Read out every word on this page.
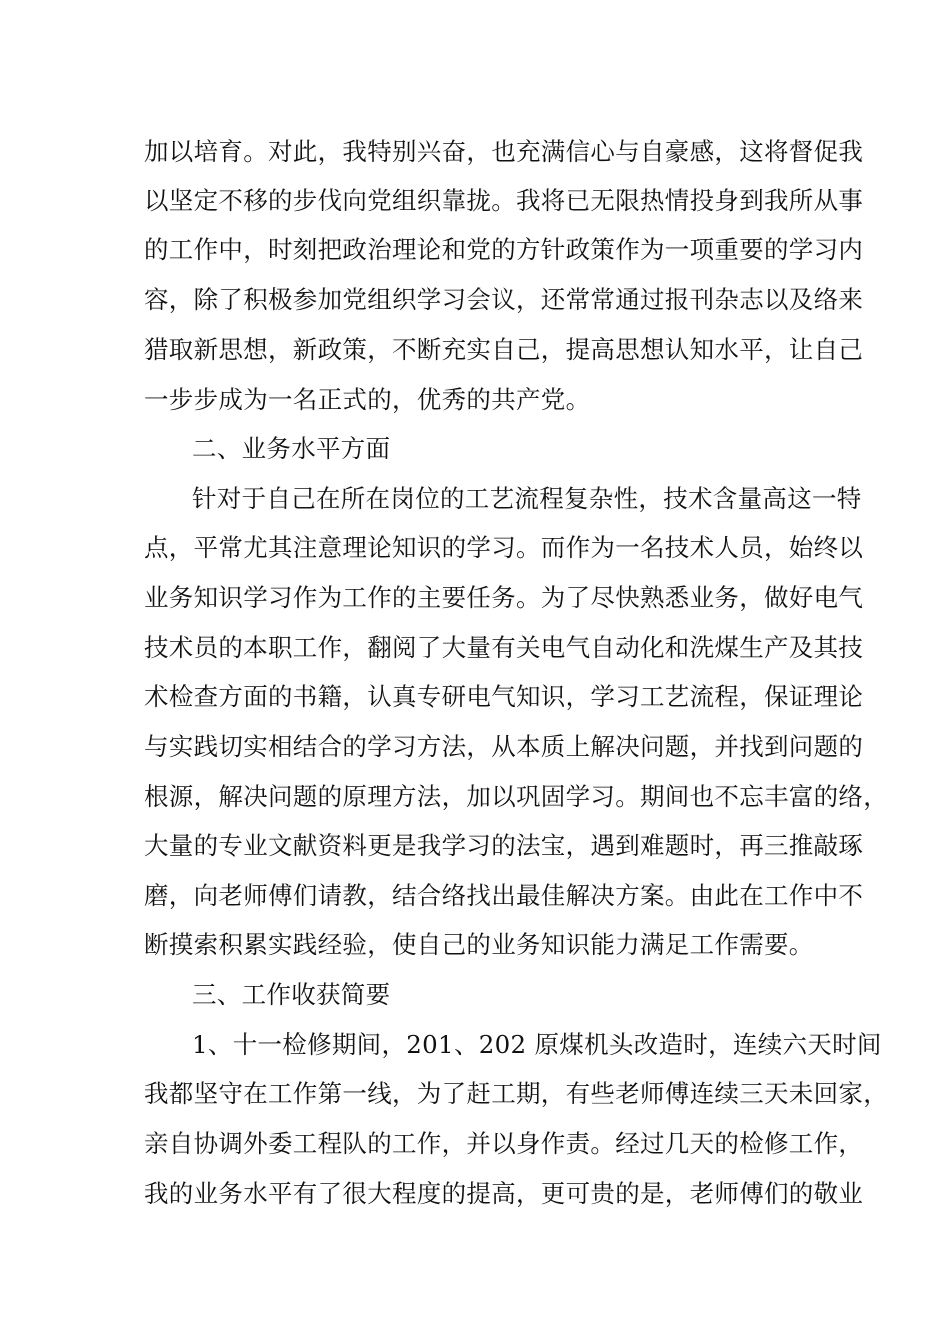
加以培育。对此，我特别兴奋，也充满信心与自豪感，这将督促我
以坚定不移的步伐向党组织靠拢。我将已无限热情投身到我所从事
的工作中，时刻把政治理论和党的方针政策作为一项重要的学习内
容，除了积极参加党组织学习会议，还常常通过报刊杂志以及络来
猎取新思想，新政策，不断充实自己，提高思想认知水平，让自己
一步步成为一名正式的，优秀的共产党。
二、业务水平方面
针对于自己在所在岗位的工艺流程复杂性，技术含量高这一特
点，平常尤其注意理论知识的学习。而作为一名技术人员，始终以
业务知识学习作为工作的主要任务。为了尽快熟悉业务，做好电气
技术员的本职工作，翻阅了大量有关电气自动化和洗煤生产及其技
术检查方面的书籍，认真专研电气知识，学习工艺流程，保证理论
与实践切实相结合的学习方法，从本质上解决问题，并找到问题的
根源，解决问题的原理方法，加以巩固学习。期间也不忘丰富的络，
大量的专业文献资料更是我学习的法宝，遇到难题时，再三推敲琢
磨，向老师傅们请教，结合络找出最佳解决方案。由此在工作中不
断摸索积累实践经验，使自己的业务知识能力满足工作需要。
三、工作收获简要
1、十一检修期间，201、202 原煤机头改造时，连续六天时间
我都坚守在工作第一线，为了赶工期，有些老师傅连续三天未回家，
亲自协调外委工程队的工作，并以身作责。经过几天的检修工作，
我的业务水平有了很大程度的提高，更可贵的是，老师傅们的敬业
